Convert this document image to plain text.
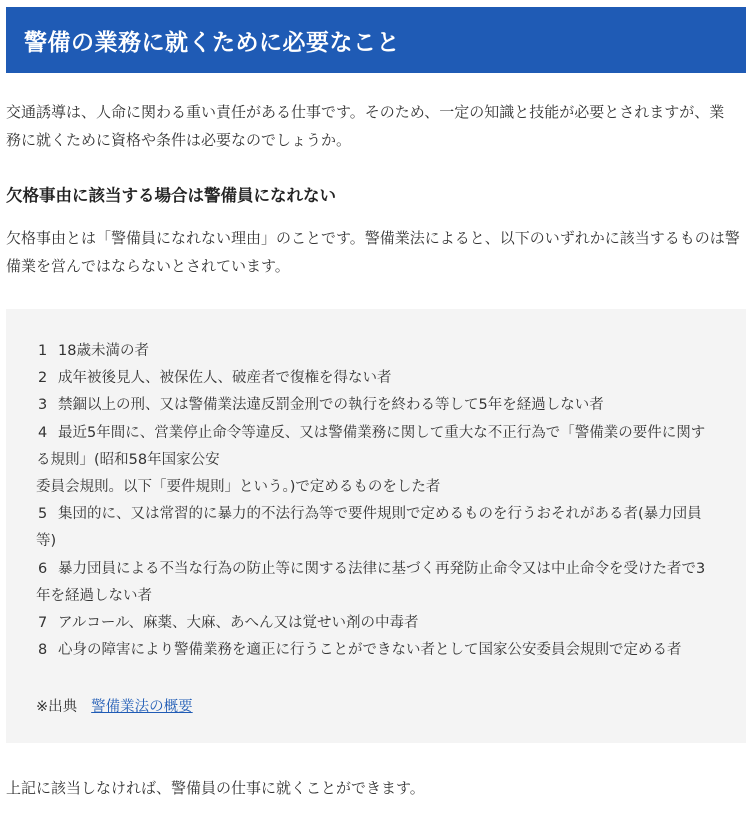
警備の業務に就くために必要なこと

交通誘導は、人命に関わる重い責任がある仕事です。そのため、一定の知識と技能が必要とされますが、業務に就くために資格や条件は必要なのでしょうか。

欠格事由に該当する場合は警備員になれない

欠格事由とは「警備員になれない理由」のことです。警備業法によると、以下のいずれかに該当するものは警備業を営んではならないとされています。

1 18歳未満の者
2 成年被後見人、被保佐人、破産者で復権を得ない者
3 禁錮以上の刑、又は警備業法違反罰金刑での執行を終わる等して5年を経過しない者
4 最近5年間に、営業停止命令等違反、又は警備業務に関して重大な不正行為で「警備業の要件に関する規則」(昭和58年国家公安
委員会規則。以下「要件規則」という。)で定めるものをした者
5 集団的に、又は常習的に暴力的不法行為等で要件規則で定めるものを行うおそれがある者(暴力団員等)
6 暴力団員による不当な行為の防止等に関する法律に基づく再発防止命令又は中止命令を受けた者で3年を経過しない者
7 アルコール、麻薬、大麻、あへん又は覚せい剤の中毒者
8 心身の障害により警備業務を適正に行うことができない者として国家公安委員会規則で定める者
※出典 警備業法の概要

上記に該当しなければ、警備員の仕事に就くことができます。
